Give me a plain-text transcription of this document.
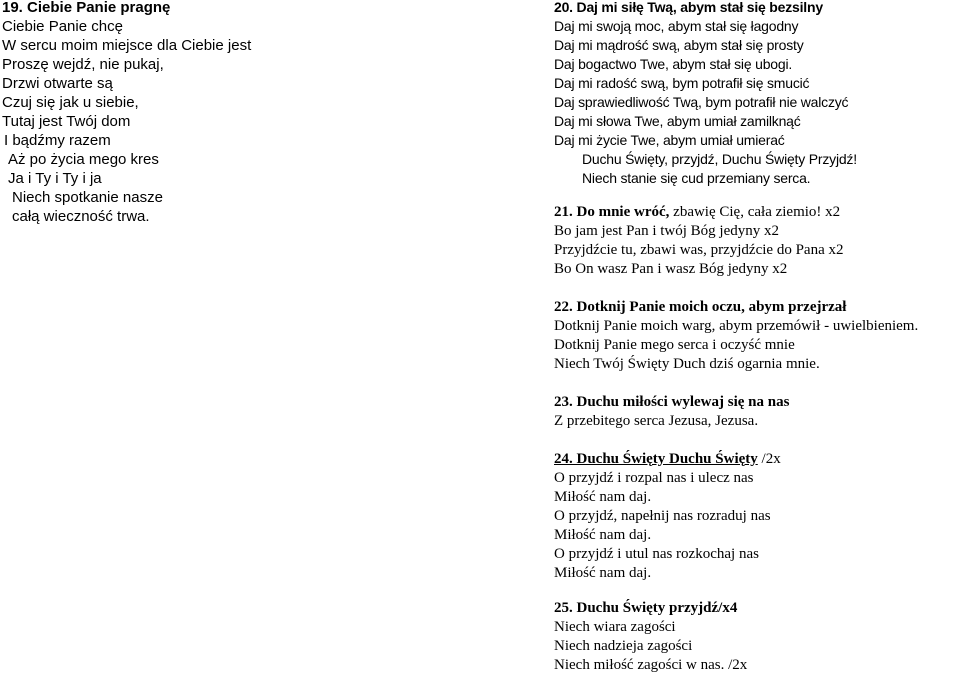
19. Ciebie Panie pragnę
Ciebie Panie chcę
W sercu moim miejsce dla Ciebie jest
Proszę wejdź, nie pukaj,
Drzwi otwarte są
Czuj się jak u siebie,
Tutaj jest Twój dom
I bądźmy razem
Aż po życia mego kres
Ja i Ty i Ty i ja
Niech spotkanie nasze
całą wieczność trwa.
20. Daj mi siłę Twą, abym stał się bezsilny
Daj mi swoją moc, abym stał się łagodny
Daj mi mądrość swą, abym stał się prosty
Daj bogactwo Twe, abym stał się ubogi.
Daj mi radość swą, bym potrafił się smucić
Daj sprawiedliwość Twą, bym potrafił nie walczyć
Daj mi słowa Twe, abym umiał zamilknąć
Daj mi życie Twe, abym umiał umierać
Duchu Święty, przyjdź, Duchu Święty Przyjdź!
Niech stanie się cud przemiany serca.
21. Do mnie wróć, zbawię Cię, cała ziemio! x2
Bo jam jest Pan i twój Bóg jedyny x2
Przyjdźcie tu, zbawi was, przyjdźcie do Pana x2
Bo On wasz Pan i wasz Bóg jedyny x2
22. Dotknij Panie moich oczu, abym przejrzał
Dotknij Panie moich warg, abym przemówił - uwielbieniem.
Dotknij Panie mego serca i oczyść mnie
Niech Twój Święty Duch dziś ogarnia mnie.
23. Duchu miłości wylewaj się na nas
Z przebitego serca Jezusa, Jezusa.
24. Duchu Święty Duchu Święty /2x
O przyjdź i rozpal nas i ulecz nas
Miłość nam daj.
O przyjdź, napełnij nas rozraduj nas
Miłość nam daj.
O przyjdź i utul nas rozkochaj nas
Miłość nam daj.
25. Duchu Święty przyjdź/x4
Niech wiara zagości
Niech nadzieja zagości
Niech miłość zagości w nas. /2x
